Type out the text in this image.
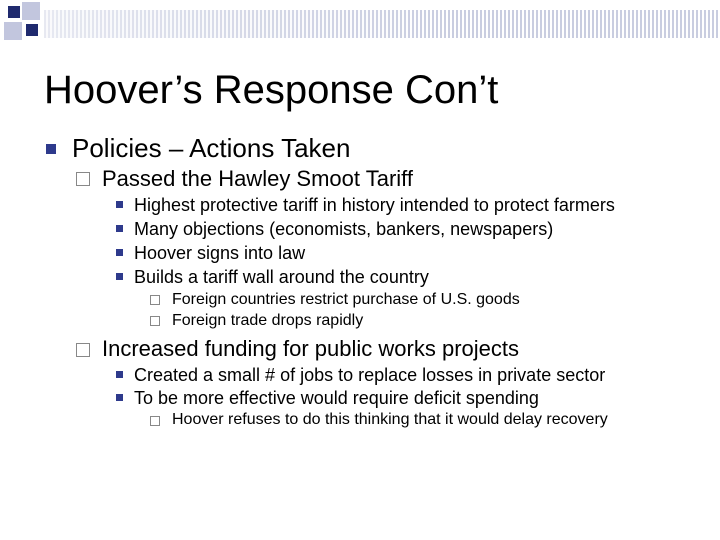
Hoover’s Response Con’t
Policies – Actions Taken
Passed the Hawley Smoot Tariff
Highest protective tariff in history intended to protect farmers
Many objections (economists, bankers, newspapers)
Hoover signs into law
Builds a tariff wall around the country
Foreign countries restrict purchase of U.S. goods
Foreign trade drops rapidly
Increased funding for public works projects
Created a small # of jobs to replace losses in private sector
To be more effective would require deficit spending
Hoover refuses to do this thinking that it would delay recovery
